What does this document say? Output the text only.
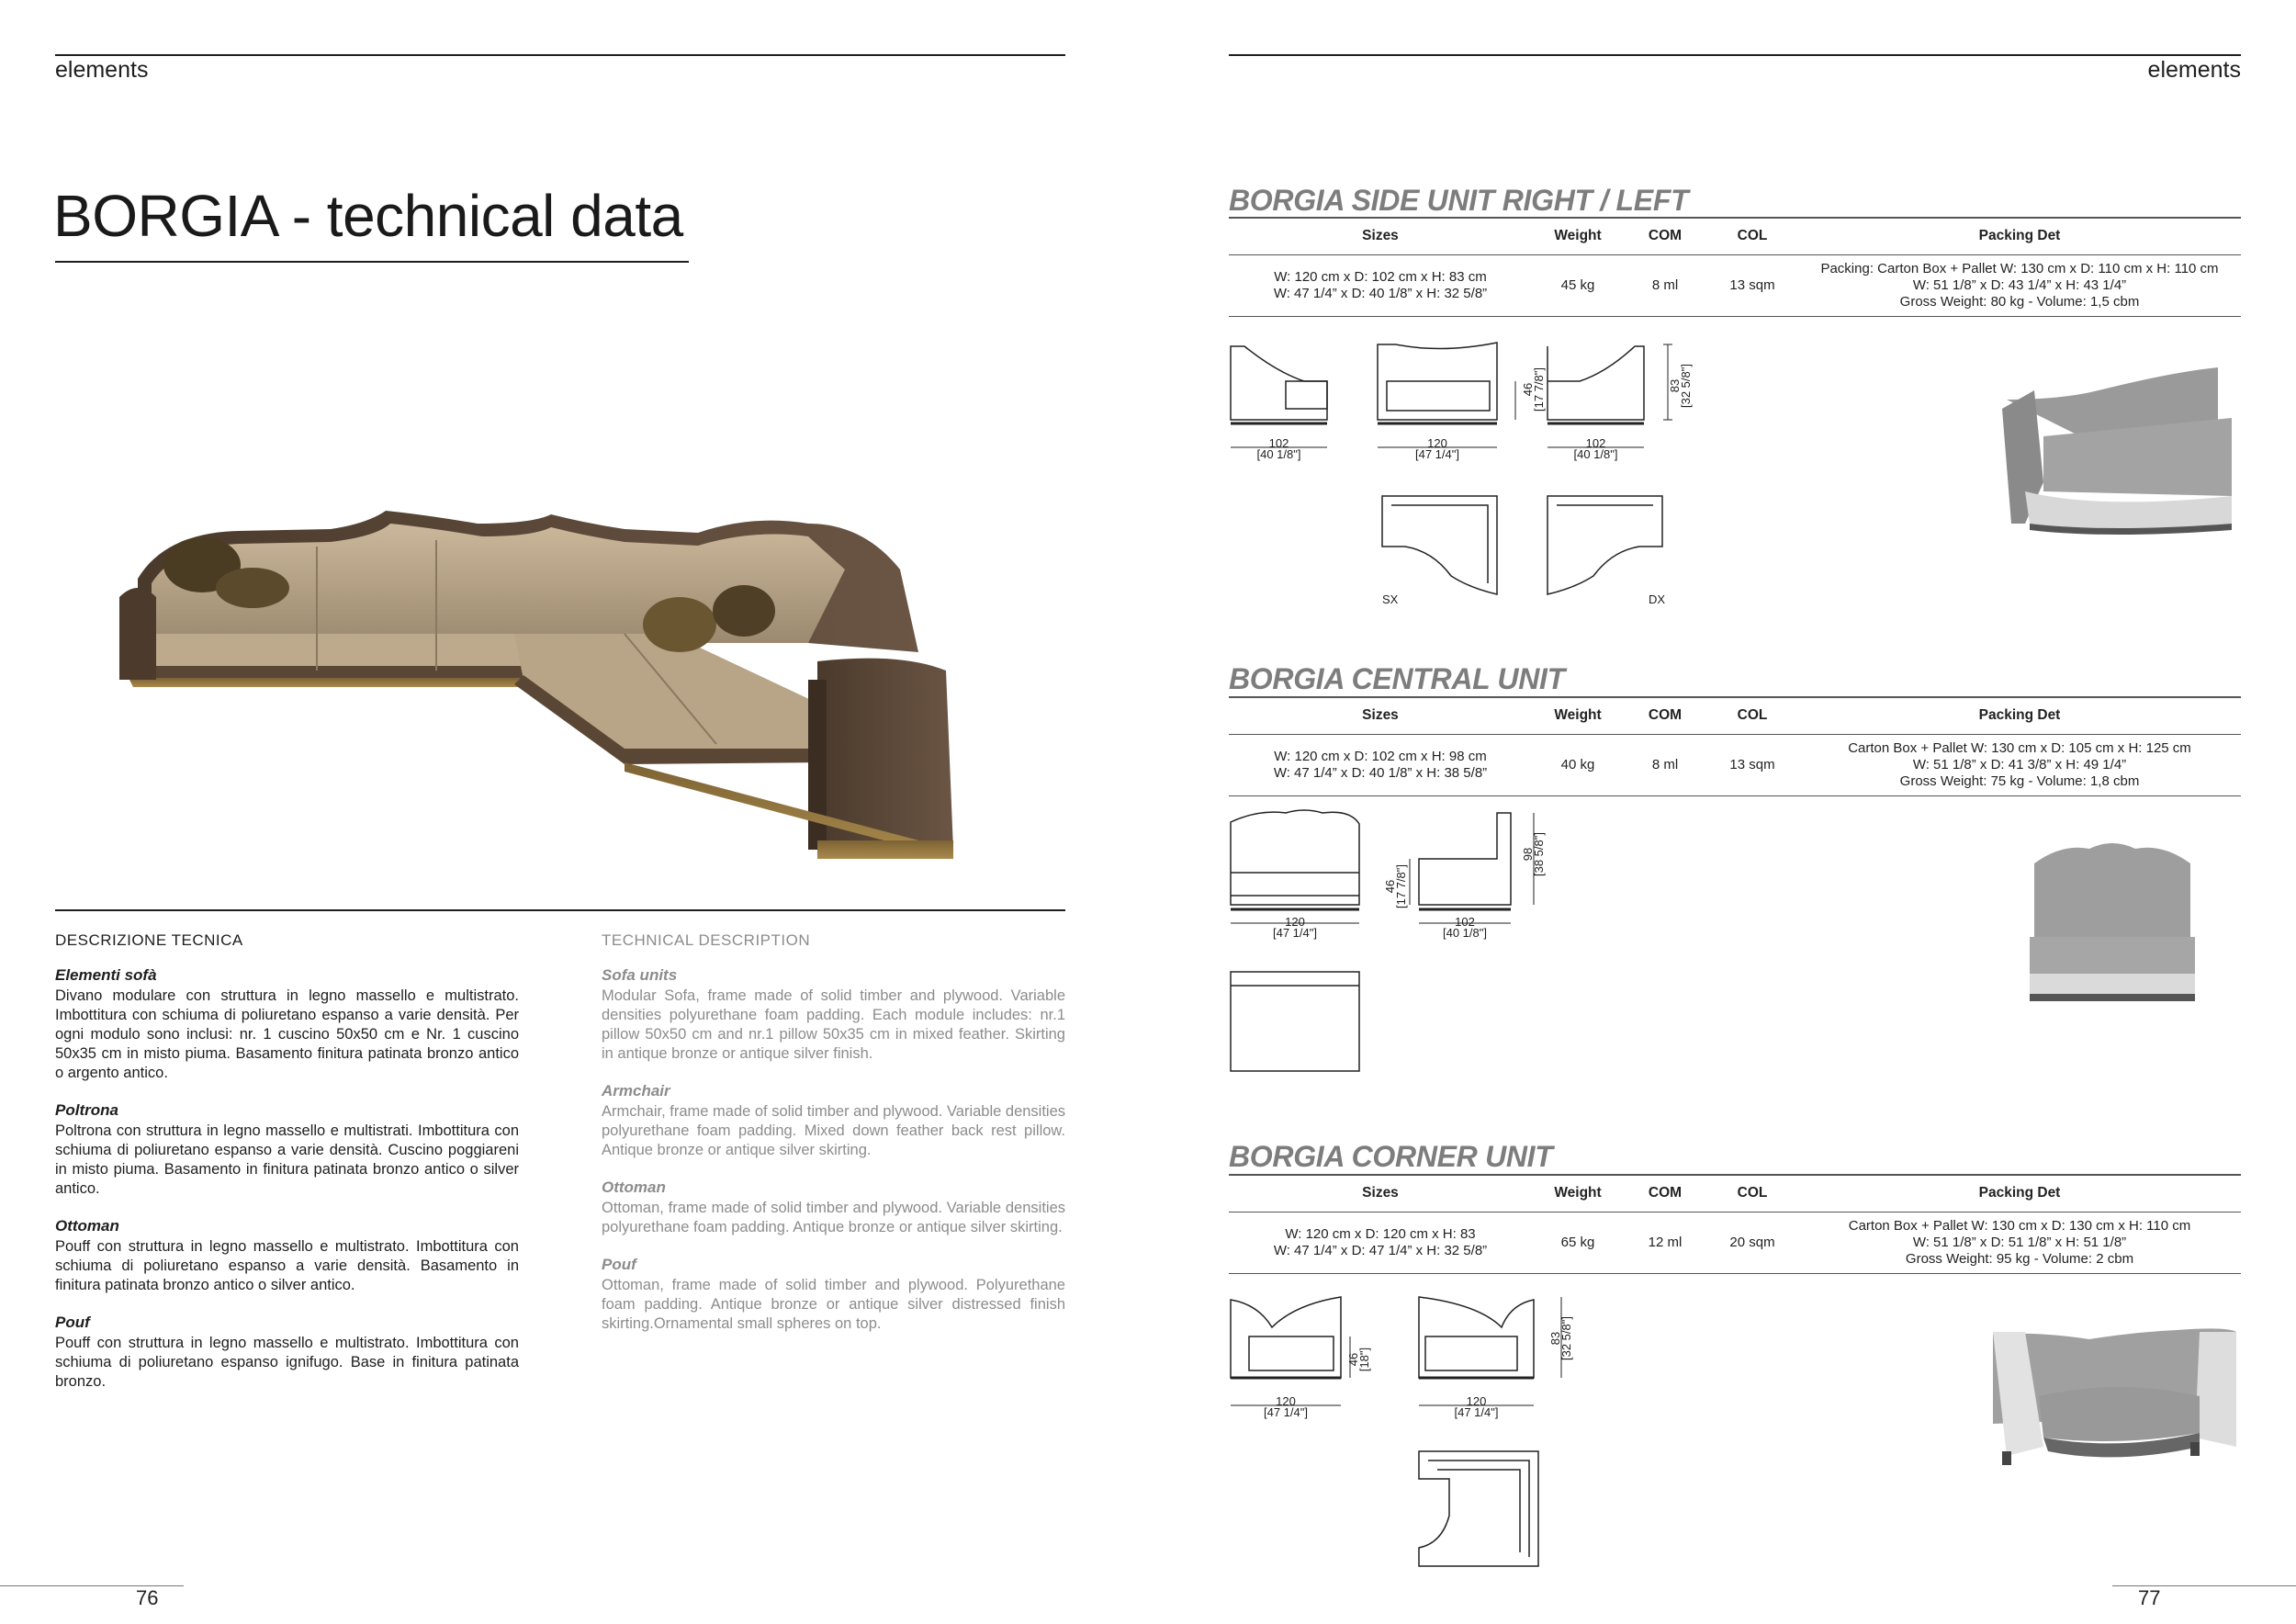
elements	elements
BORGIA - technical data
DESCRIZIONE TECNICA	TECHNICAL DESCRIPTION
Elementi sofà

Divano modulare con struttura in legno massello e multistrato. Imbottitura con schiuma di poliuretano espanso a varie densità. Per ogni modulo sono inclusi: nr. 1 cuscino 50x50 cm e Nr. 1 cuscino 50x35 cm in misto piuma. Basamento finitura patinata bronzo antico o argento antico.

Poltrona

Poltrona con struttura in legno massello e multistrati. Imbottitura con schiuma di poliuretano espanso a varie densità. Cuscino poggiareni in misto piuma. Basamento in finitura patinata bronzo antico o silver antico.

Ottoman

Pouff con struttura in legno massello e multistrato. Imbottitura con schiuma di poliuretano espanso a varie densità. Basamento in finitura patinata bronzo antico o silver antico.

Pouf

Pouff con struttura in legno massello e multistrato. Imbottitura con schiuma di poliuretano espanso ignifugo. Base in finitura patinata bronzo.

Sofa units

Modular Sofa, frame made of solid timber and plywood. Variable densities polyurethane foam padding. Each module includes: nr.1 pillow 50x50 cm and nr.1 pillow 50x35 cm in mixed feather. Skirting in antique bronze or antique silver finish.

Armchair

Armchair, frame made of solid timber and plywood. Variable densities polyurethane foam padding. Mixed down feather back rest pillow. Antique bronze or antique silver skirting.

Ottoman

Ottoman, frame made of solid timber and plywood. Variable densities polyurethane foam padding. Antique bronze or antique silver skirting.

Pouf

Ottoman, frame made of solid timber and plywood. Polyurethane foam padding. Antique bronze or antique silver distressed finish skirting.Ornamental small spheres on top.

76	77
BORGIA SIDE UNIT RIGHT / LEFT
Sizes	Weight	COM	COL	Packing Det

W: 120 cm x D: 102 cm x H: 83 cm
W: 47 1/4” x D: 40 1/8” x H: 32 5/8”	45 kg	8 ml	13 sqm	Packing: Carton Box + Pallet W: 130 cm x D: 110 cm x H: 110 cm
W: 51 1/8” x D: 43 1/4” x H: 43 1/4”
Gross Weight: 80 kg - Volume: 1,5 cbm
102
[40 1/8"]
120
[47 1/4"]
102
[40 1/8"]
46
[17 7/8"]	83
[32 5/8"]
SX	DX
BORGIA CENTRAL UNIT
Sizes	Weight	COM	COL	Packing Det

W: 120 cm x D: 102 cm x H: 98 cm
W: 47 1/4” x D: 40 1/8” x H: 38 5/8”	40 kg	8 ml	13 sqm	Carton Box + Pallet W: 130 cm x D: 105 cm x H: 125 cm
W: 51 1/8” x D: 41 3/8” x H: 49 1/4”
Gross Weight: 75 kg - Volume: 1,8 cbm
120
[47 1/4"]
102
[40 1/8"]
46
[17 7/8"]
98
[38 5/8"]
BORGIA CORNER UNIT
Sizes	Weight	COM	COL	Packing Det

W: 120 cm x D: 120 cm x H: 83
W: 47 1/4” x D: 47 1/4” x H: 32 5/8”	65 kg	12 ml	20 sqm	Carton Box + Pallet W: 130 cm x D: 130 cm x H: 110 cm
W: 51 1/8” x D: 51 1/8” x H: 51 1/8”
Gross Weight: 95 kg - Volume: 2 cbm
120
[47 1/4"]
120
[47 1/4"]
46
[18"]
83
[32 5/8"]
